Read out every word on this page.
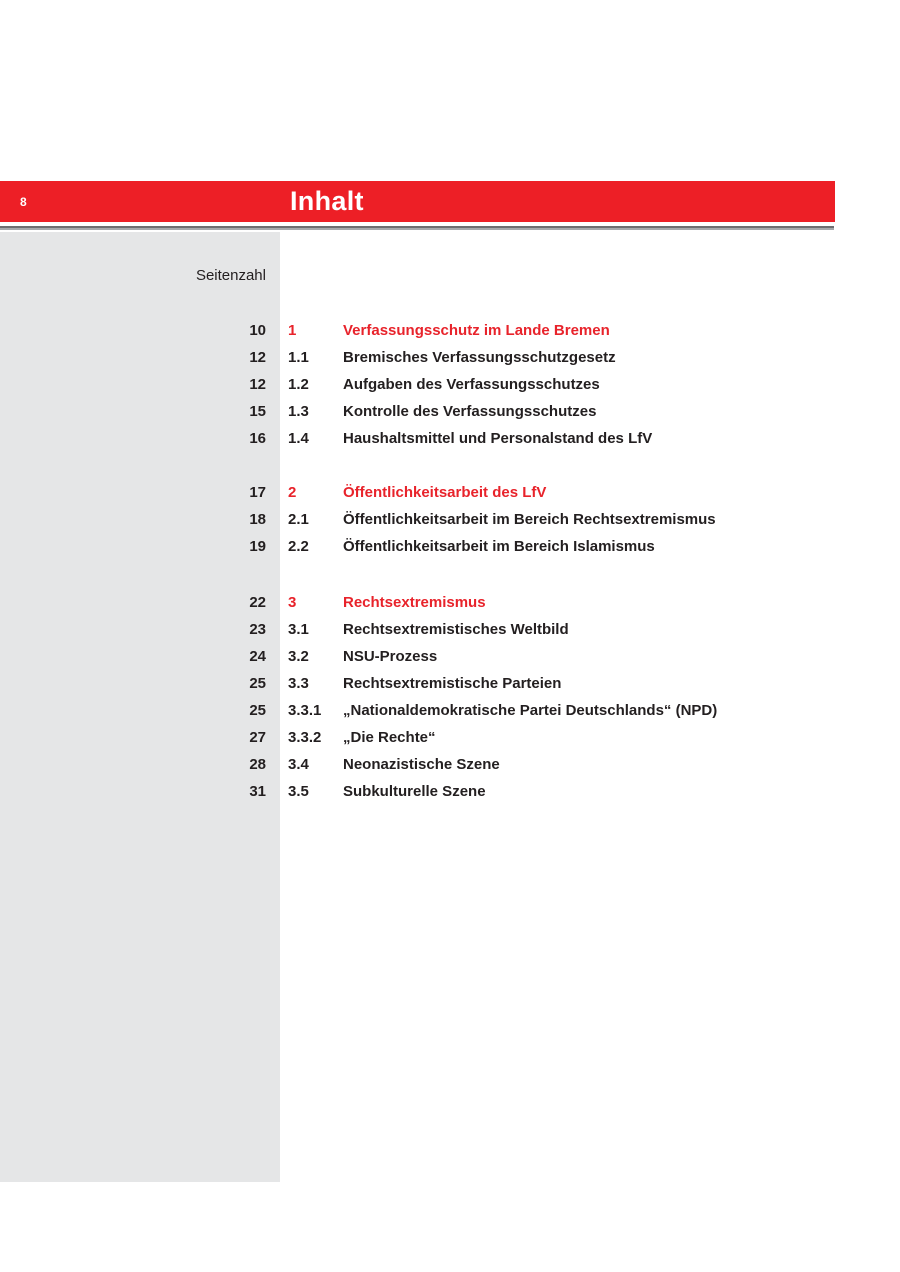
8	Inhalt
Seitenzahl
10 1	Verfassungsschutz im Lande Bremen
12 1.1	Bremisches Verfassungsschutzgesetz
12 1.2	Aufgaben des Verfassungsschutzes
15 1.3	Kontrolle des Verfassungsschutzes
16 1.4	Haushaltsmittel und Personalstand des LfV
17 2	Öffentlichkeitsarbeit des LfV
18 2.1	Öffentlichkeitsarbeit im Bereich Rechtsextremismus
19 2.2	Öffentlichkeitsarbeit im Bereich Islamismus
22 3	Rechtsextremismus
23 3.1	Rechtsextremistisches Weltbild
24 3.2	NSU-Prozess
25 3.3	Rechtsextremistische Parteien
25 3.3.1	„Nationaldemokratische Partei Deutschlands“ (NPD)
27 3.3.2	„Die Rechte“
28 3.4	Neonazistische Szene
31 3.5	Subkulturelle Szene
